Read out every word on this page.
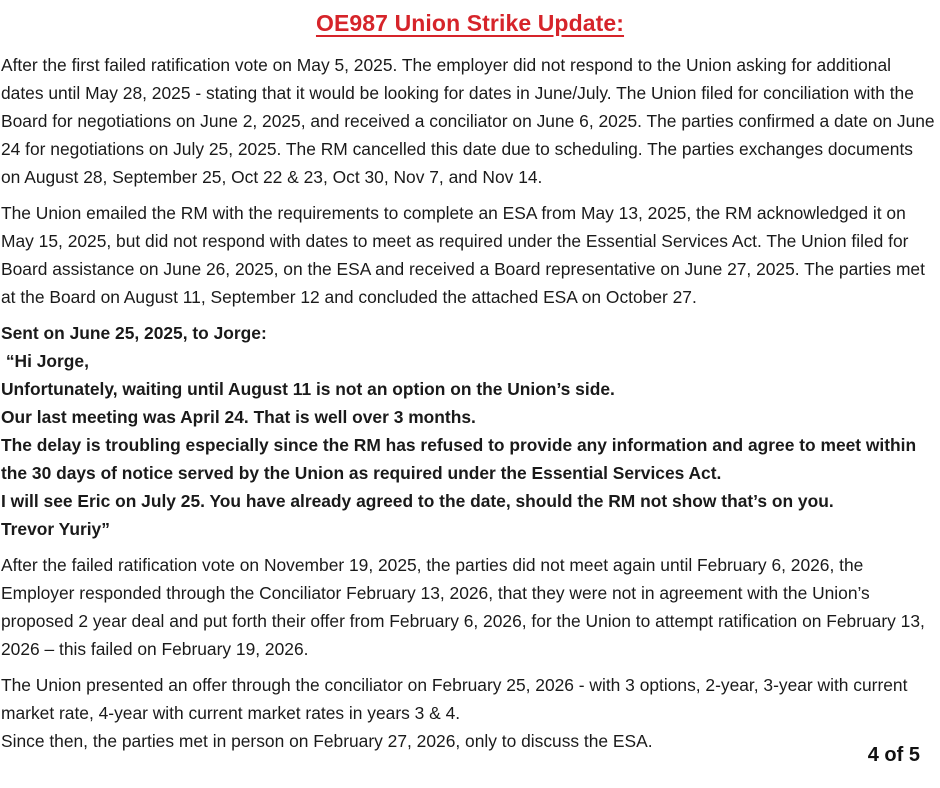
OE987 Union Strike Update:

After the first failed ratification vote on May 5, 2025. The employer did not respond to the Union asking for additional dates until May 28, 2025 - stating that it would be looking for dates in June/July. The Union filed for conciliation with the Board for negotiations on June 2, 2025, and received a conciliator on June 6, 2025. The parties confirmed a date on June 24 for negotiations on July 25, 2025. The RM cancelled this date due to scheduling. The parties exchanges documents on August 28, September 25, Oct 22 & 23, Oct 30, Nov 7, and Nov 14.

The Union emailed the RM with the requirements to complete an ESA from May 13, 2025, the RM acknowledged it on May 15, 2025, but did not respond with dates to meet as required under the Essential Services Act. The Union filed for Board assistance on June 26, 2025, on the ESA and received a Board representative on June 27, 2025. The parties met at the Board on August 11, September 12 and concluded the attached ESA on October 27.

Sent on June 25, 2025, to Jorge:

“Hi Jorge,

Unfortunately, waiting until August 11 is not an option on the Union’s side.

Our last meeting was April 24. That is well over 3 months.

The delay is troubling especially since the RM has refused to provide any information and agree to meet within the 30 days of notice served by the Union as required under the Essential Services Act.

I will see Eric on July 25. You have already agreed to the date, should the RM not show that’s on you.

Trevor Yuriy”

After the failed ratification vote on November 19, 2025, the parties did not meet again until February 6, 2026, the Employer responded through the Conciliator February 13, 2026, that they were not in agreement with the Union’s proposed 2 year deal and put forth their offer from February 6, 2026, for the Union to attempt ratification on February 13, 2026 – this failed on February 19, 2026.

The Union presented an offer through the conciliator on February 25, 2026 - with 3 options, 2-year, 3-year with current market rate, 4-year with current market rates in years 3 & 4.
Since then, the parties met in person on February 27, 2026, only to discuss the ESA.

4 of 5
